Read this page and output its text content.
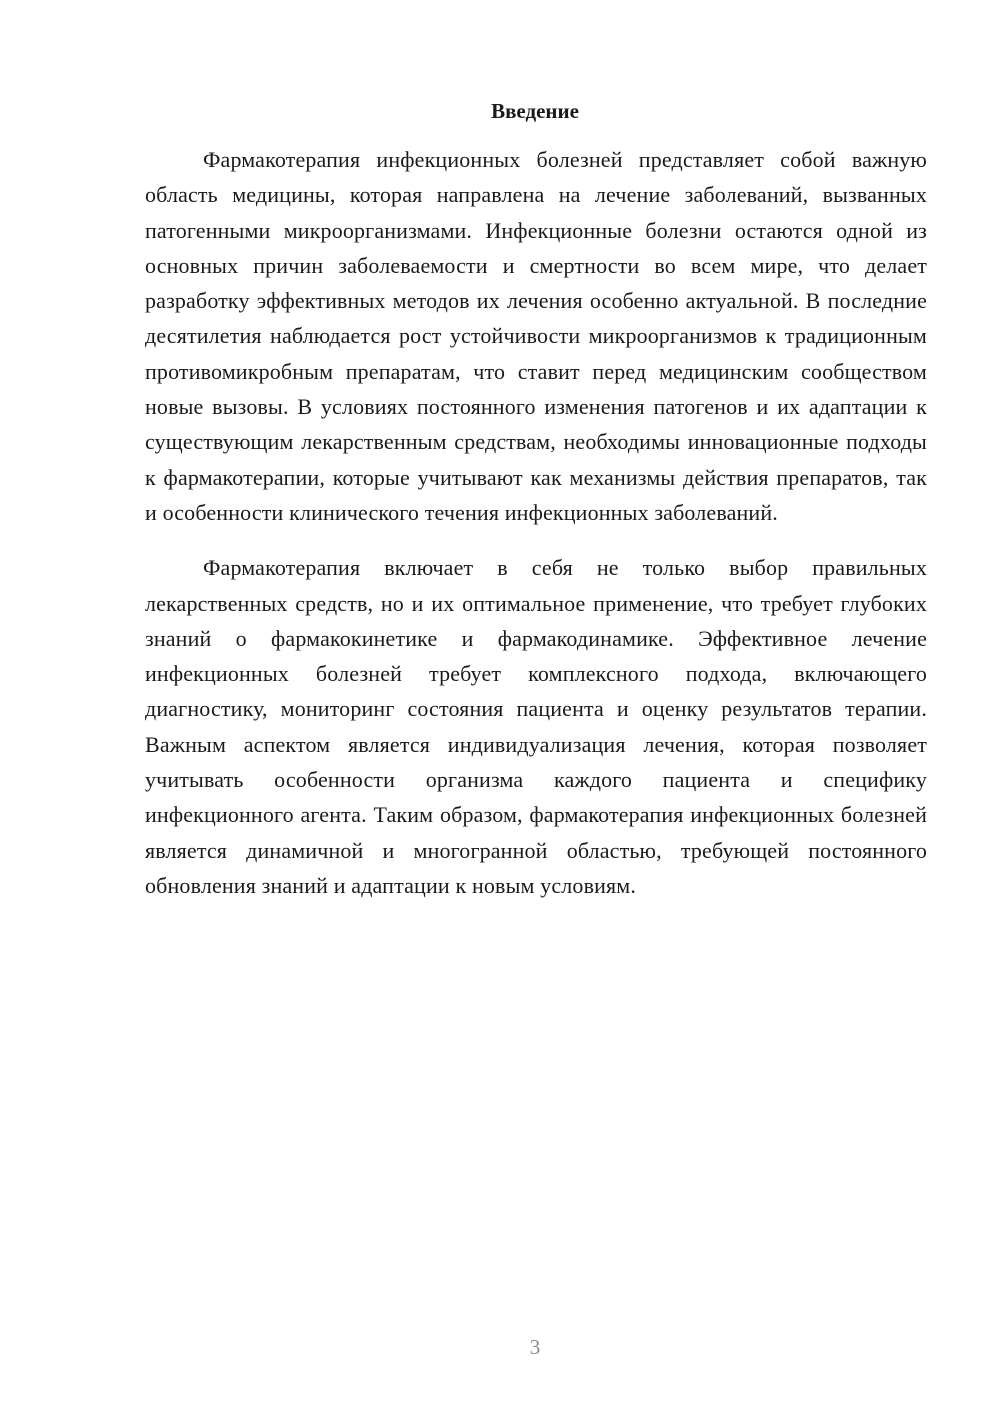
Введение

Фармакотерапия инфекционных болезней представляет собой важную область медицины, которая направлена на лечение заболеваний, вызванных патогенными микроорганизмами. Инфекционные болезни остаются одной из основных причин заболеваемости и смертности во всем мире, что делает разработку эффективных методов их лечения особенно актуальной. В последние десятилетия наблюдается рост устойчивости микроорганизмов к традиционным противомикробным препаратам, что ставит перед медицинским сообществом новые вызовы. В условиях постоянного изменения патогенов и их адаптации к существующим лекарственным средствам, необходимы инновационные подходы к фармакотерапии, которые учитывают как механизмы действия препаратов, так и особенности клинического течения инфекционных заболеваний.

Фармакотерапия включает в себя не только выбор правильных лекарственных средств, но и их оптимальное применение, что требует глубоких знаний о фармакокинетике и фармакодинамике. Эффективное лечение инфекционных болезней требует комплексного подхода, включающего диагностику, мониторинг состояния пациента и оценку результатов терапии. Важным аспектом является индивидуализация лечения, которая позволяет учитывать особенности организма каждого пациента и специфику инфекционного агента. Таким образом, фармакотерапия инфекционных болезней является динамичной и многогранной областью, требующей постоянного обновления знаний и адаптации к новым условиям.

3
